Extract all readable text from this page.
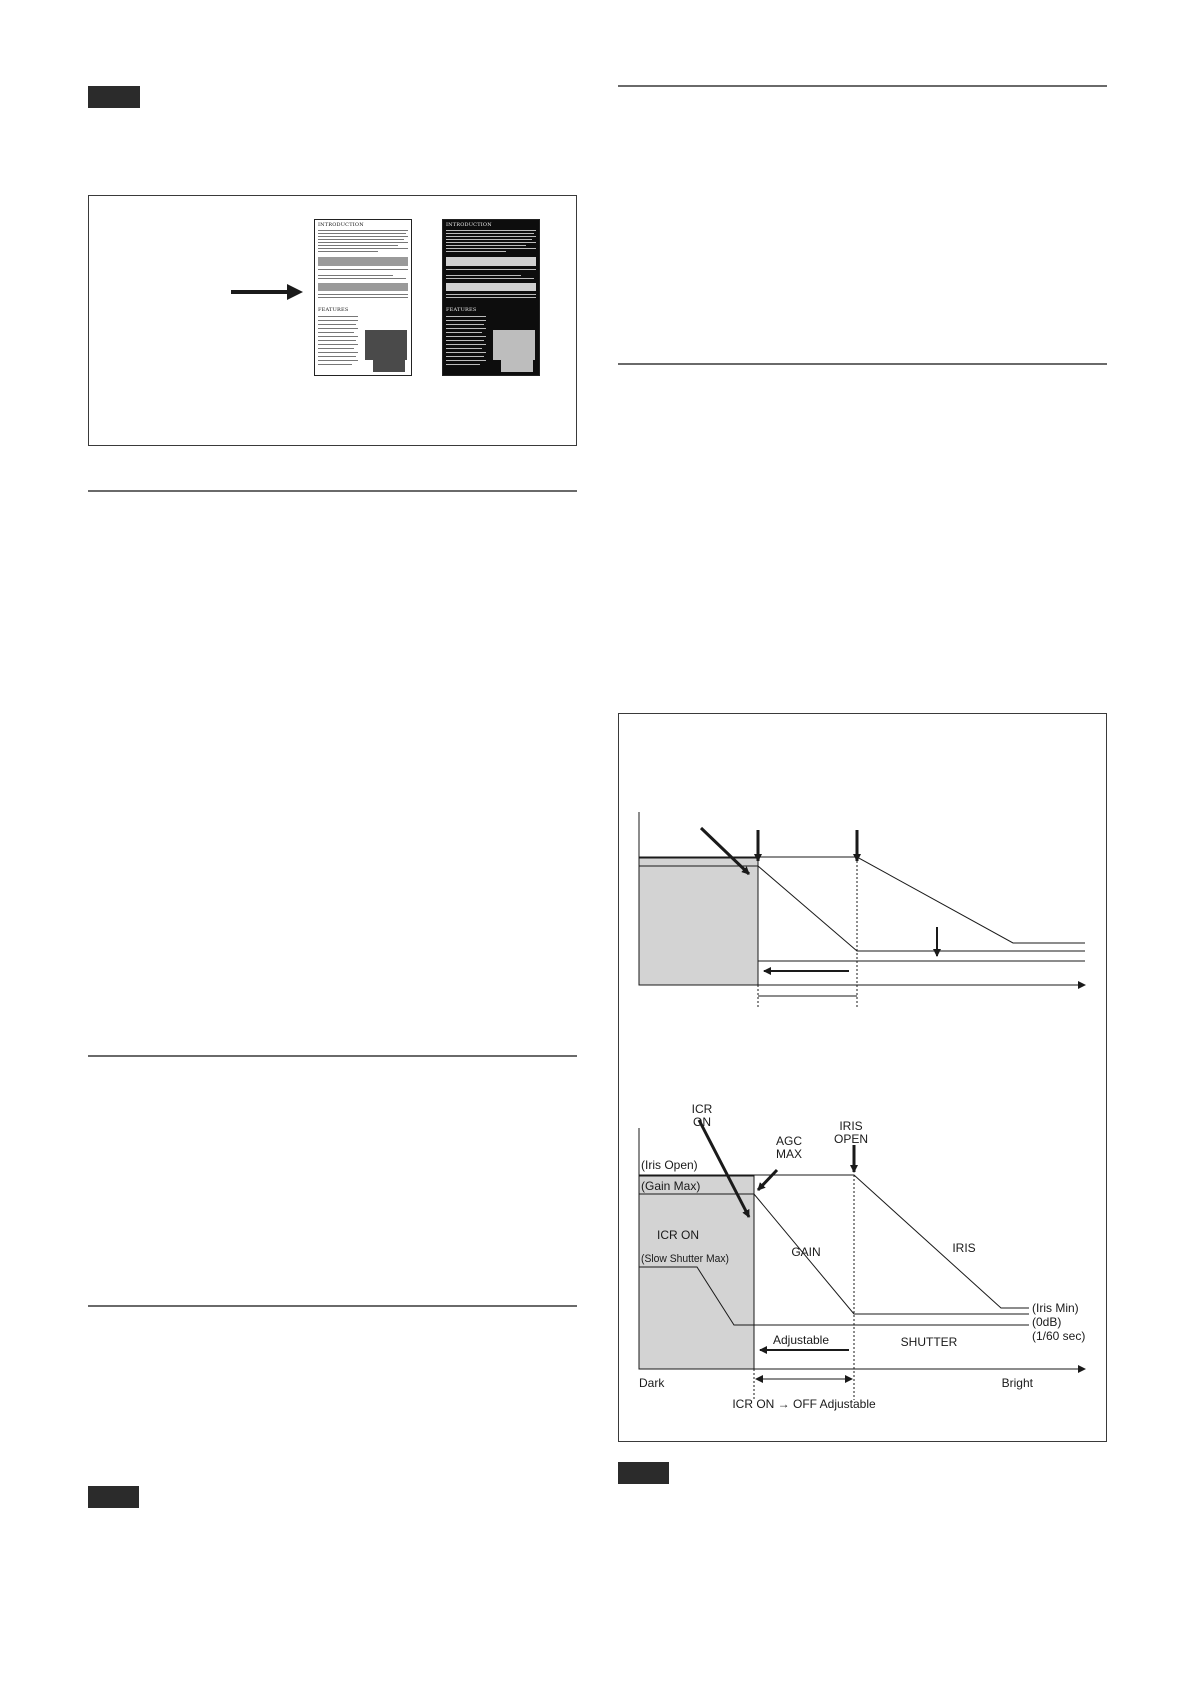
INTRODUCTION
FEATURES
INTRODUCTION
FEATURES
ICR
ON
AGC
MAX
IRIS
OPEN
(Iris Open)
(Gain Max)
ICR ON
(Slow Shutter Max)	GAIN	IRIS
SHUTTER
Adjustable
(Iris Min)
(0dB)
(1/60 sec)
Dark	Bright
ICR ON → OFF Adjustable
